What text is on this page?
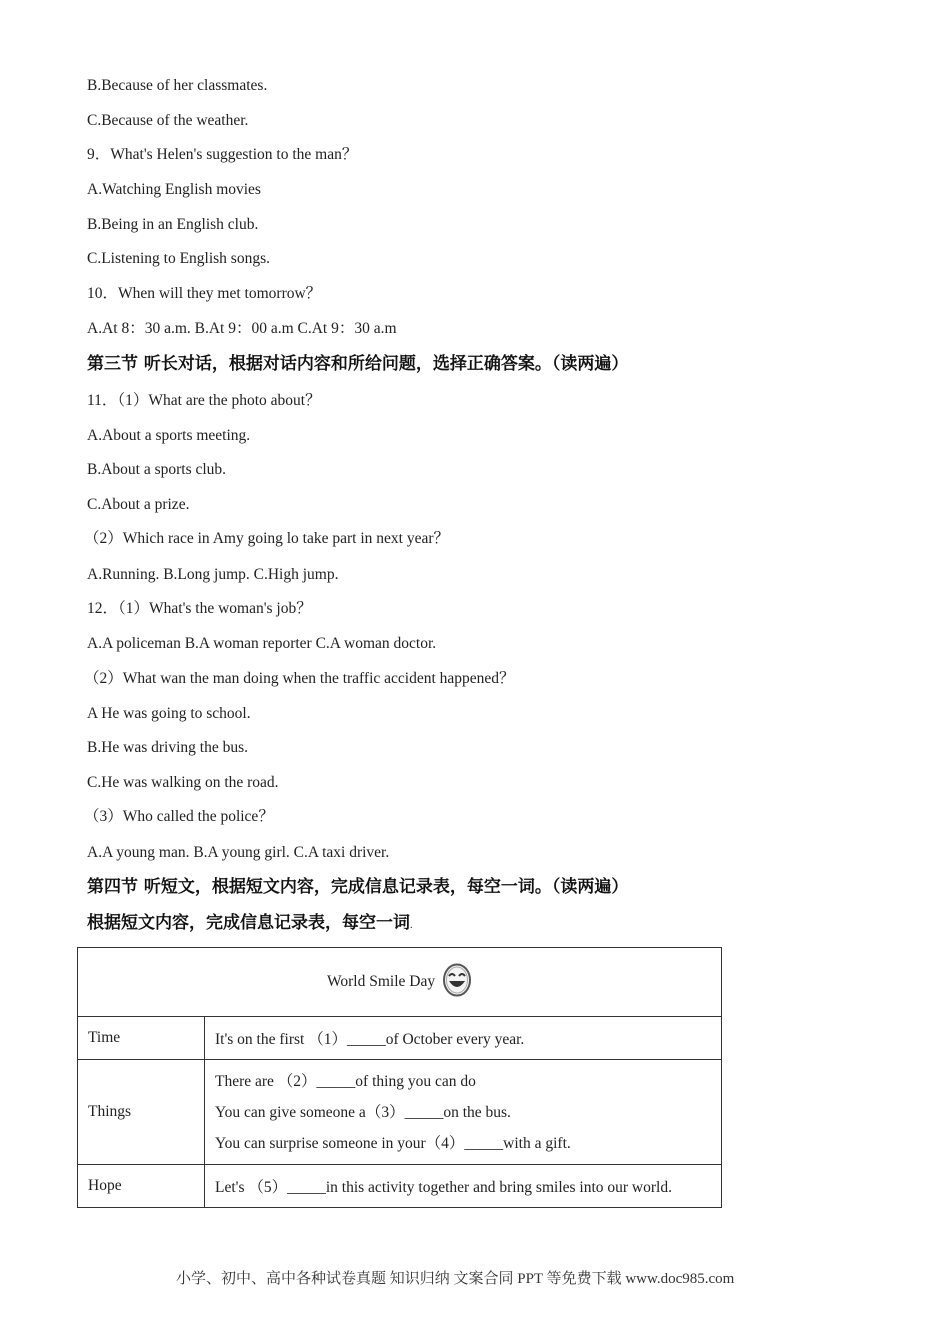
B.Because of her classmates.
C.Because of the weather.
9．What's Helen's suggestion to the man？
A.Watching English movies
B.Being in an English club.
C.Listening to English songs.
10．When will they met tomorrow？
A.At 8：30 a.m. B.At 9：00 a.m C.At 9：30 a.m
第三节 听长对话，根据对话内容和所给问题，选择正确答案。（读两遍）
11．（1）What are the photo about？
A.About a sports meeting.
B.About a sports club.
C.About a prize.
（2）Which race in Amy going lo take part in next year？
A.Running. B.Long jump. C.High jump.
12．（1）What's the woman's job？
A.A policeman B.A woman reporter C.A woman doctor.
（2）What wan the man doing when the traffic accident happened？
A He was going to school.
B.He was driving the bus.
C.He was walking on the road.
（3）Who called the police？
A.A young man. B.A young girl. C.A taxi driver.
第四节 听短文，根据短文内容，完成信息记录表，每空一词。（读两遍）
根据短文内容，完成信息记录表，每空一词.
World Smile Day	
Time	It's on the first （1）_____of October every year.
Things	There are （2）_____of thing you can do
You can give someone a（3）_____on the bus.
You can surprise someone in your（4）_____with a gift.

Hope	Let's （5）_____in this activity together and bring smiles into our world.
小学、初中、高中各种试卷真题 知识归纳 文案合同 PPT 等免费下载 www.doc985.com
